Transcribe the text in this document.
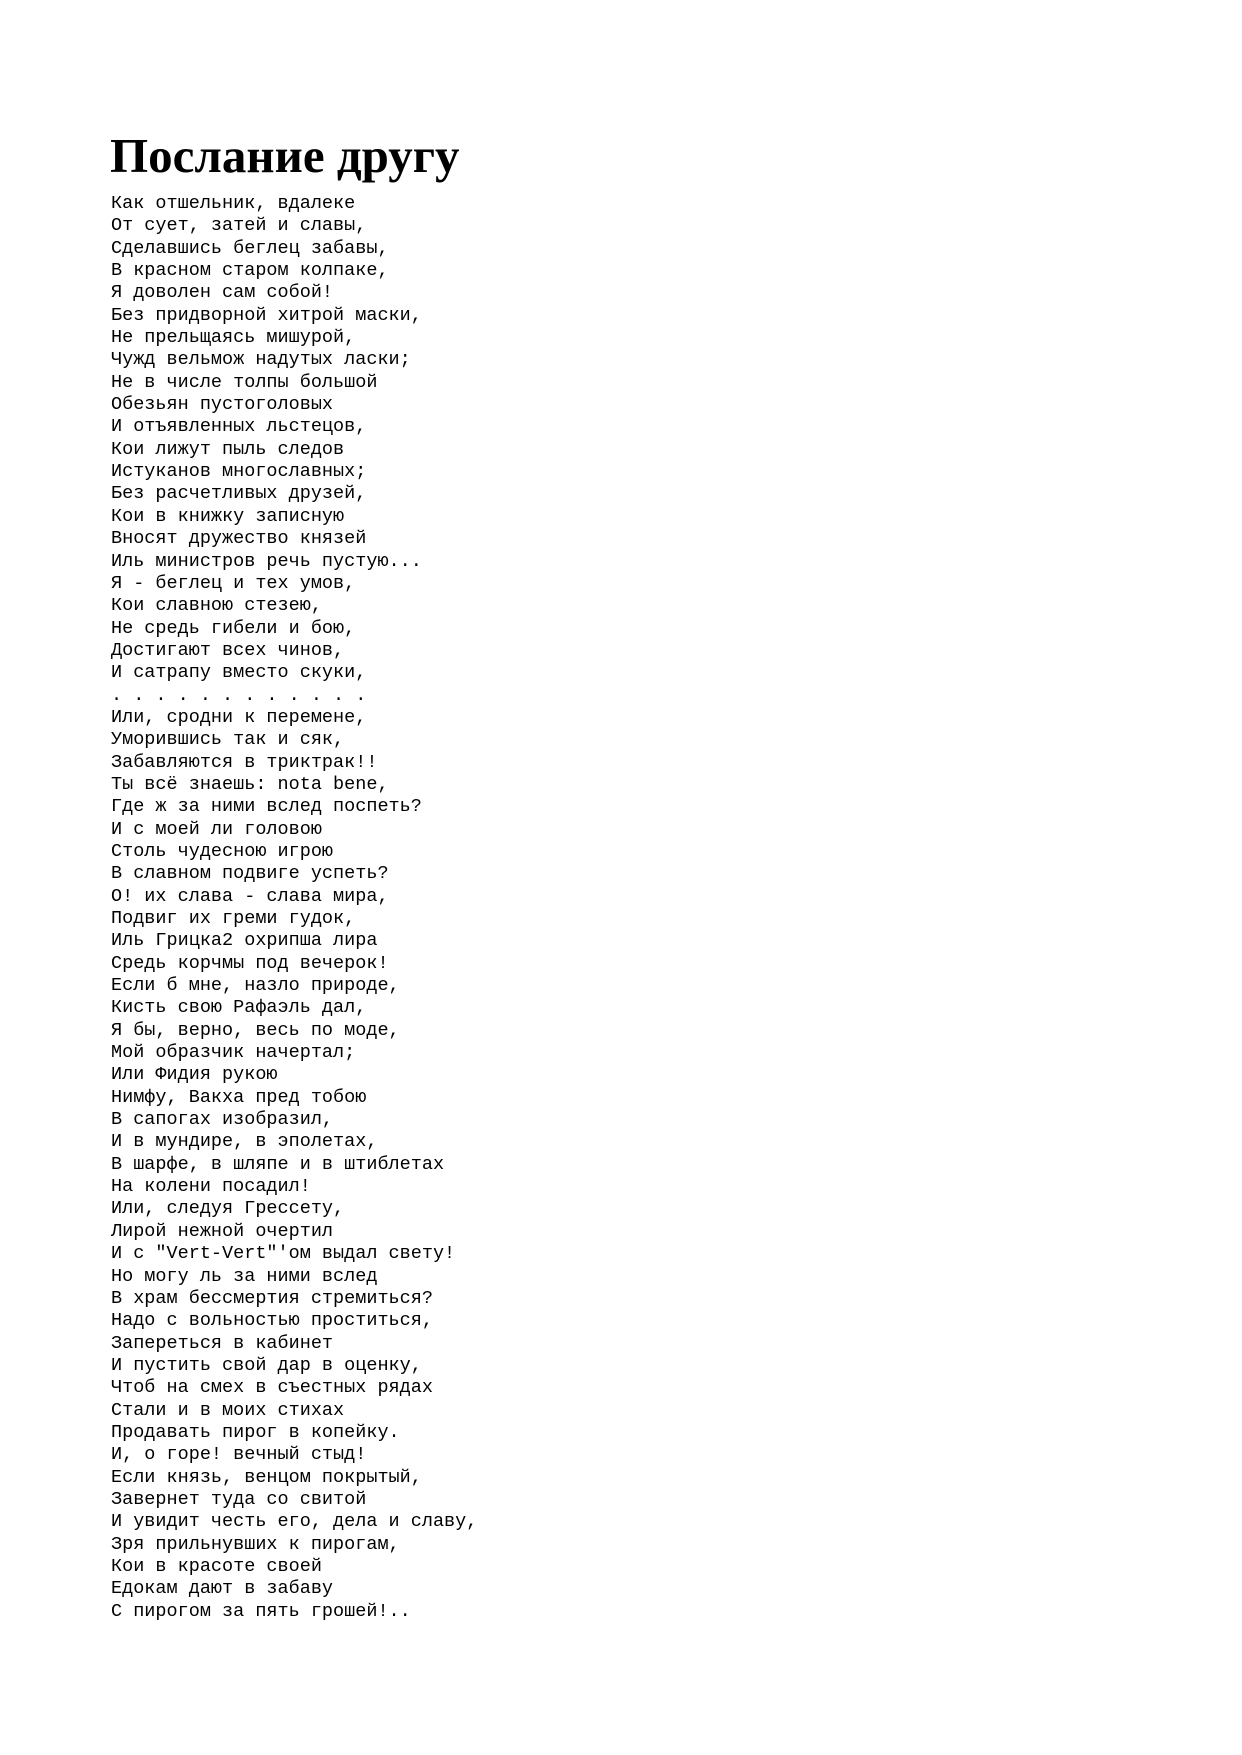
Послание другу
Как отшельник, вдалеке
От сует, затей и славы,
Сделавшись беглец забавы,
В красном старом колпаке,
Я доволен сам собой!
Без придворной хитрой маски,
Не прельщаясь мишурой,
Чужд вельмож надутых ласки;
Не в числе толпы большой
Обезьян пустоголовых
И отъявленных льстецов,
Кои лижут пыль следов
Истуканов многославных;
Без расчетливых друзей,
Кои в книжку записную
Вносят дружество князей
Иль министров речь пустую...
Я - беглец и тех умов,
Кои славною стезею,
Не средь гибели и бою,
Достигают всех чинов,
И сатрапу вместо скуки,
. . . . . . . . . . . .
Или, сродни к перемене,
Уморившись так и сяк,
Забавляются в триктрак!!
Ты всё знаешь: nota bene,
Где ж за ними вслед поспеть?
И с моей ли головою
Столь чудесною игрою
В славном подвиге успеть?
О! их слава - слава мира,
Подвиг их греми гудок,
Иль Грицка2 охрипша лира
Средь корчмы под вечерок!
Если б мне, назло природе,
Кисть свою Рафаэль дал,
Я бы, верно, весь по моде,
Мой образчик начертал;
Или Фидия рукою
Нимфу, Вакха пред тобою
В сапогах изобразил,
И в мундире, в эполетах,
В шарфе, в шляпе и в штиблетах
На колени посадил!
Или, следуя Грессету,
Лирой нежной очертил
И с "Vert-Vert"'ом выдал свету!
Но могу ль за ними вслед
В храм бессмертия стремиться?
Надо с вольностью проститься,
Запереться в кабинет
И пустить свой дар в оценку,
Чтоб на смех в съестных рядах
Стали и в моих стихах
Продавать пирог в копейку.
И, о горе! вечный стыд!
Если князь, венцом покрытый,
Завернет туда со свитой
И увидит честь его, дела и славу,
Зря прильнувших к пирогам,
Кои в красоте своей
Едокам дают в забаву
С пирогом за пять грошей!..
